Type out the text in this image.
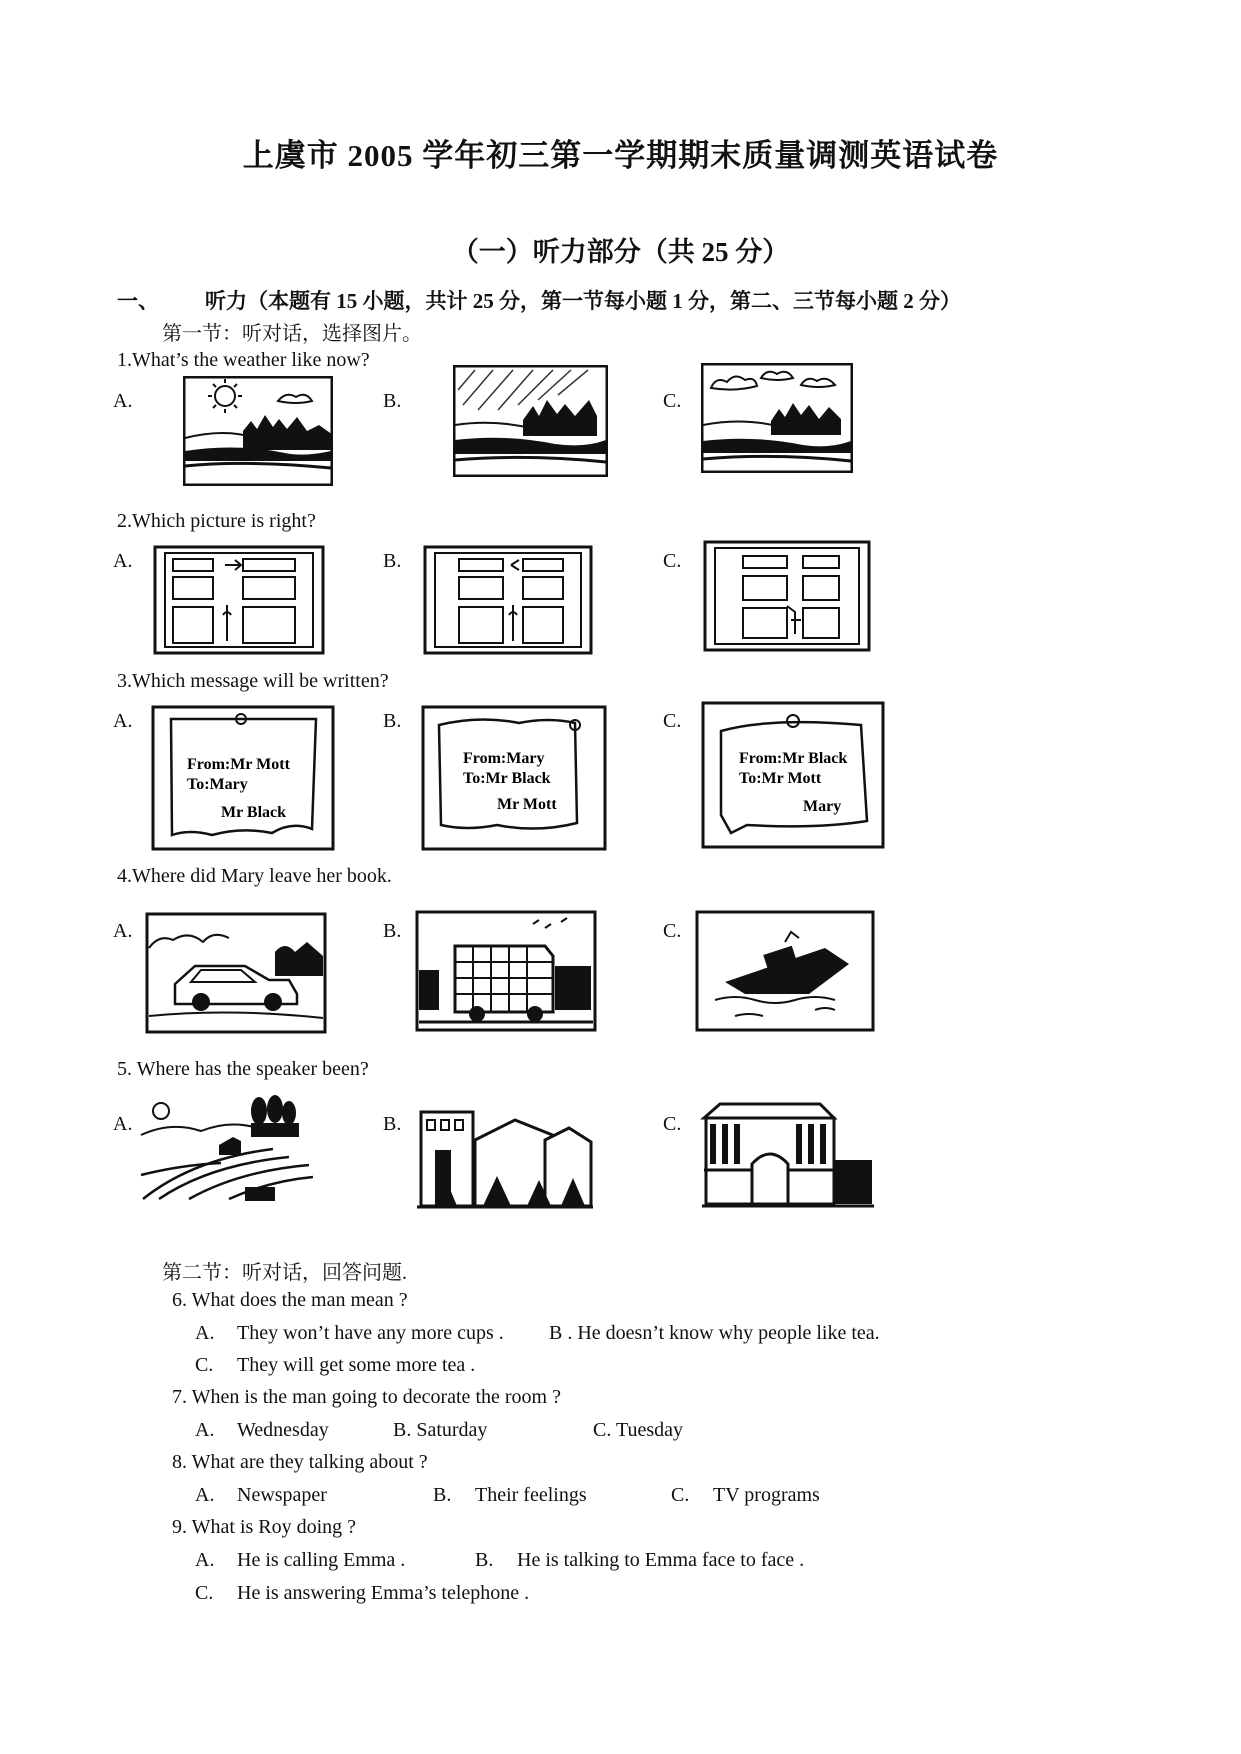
上虞市 2005 学年初三第一学期期末质量调测英语试卷
（一）听力部分（共 25 分）
一、 听力（本题有 15 小题，共计 25 分，第一节每小题 1 分，第二、三节每小题 2 分）
第一节：听对话，选择图片。
1.What’s the weather like now?
A.	B.	C.
2.Which picture is right?
A.	B.	C.
3.Which message will be written?
A.	B.	C.
From:Mr Mott
To:Mary
Mr Black
From:Mary
To:Mr Black
Mr Mott
From:Mr Black
To:Mr Mott
Mary
4.Where did Mary leave her book.
A.	B.	C.
5. Where has the speaker been?
A.	B.	C.
第二节：听对话，回答问题.
6. What does the man mean ?
A. They won’t have any more cups . B . He doesn’t know why people like tea.
C. They will get some more tea .
7. When is the man going to decorate the room ?
A. Wednesday	B. Saturday	C. Tuesday
8. What are they talking about ?
A. Newspaper	B. Their feelings	C. TV programs
9. What is Roy doing ?
A. He is calling Emma .	B. He is talking to Emma face to face .
C. He is answering Emma’s telephone .
